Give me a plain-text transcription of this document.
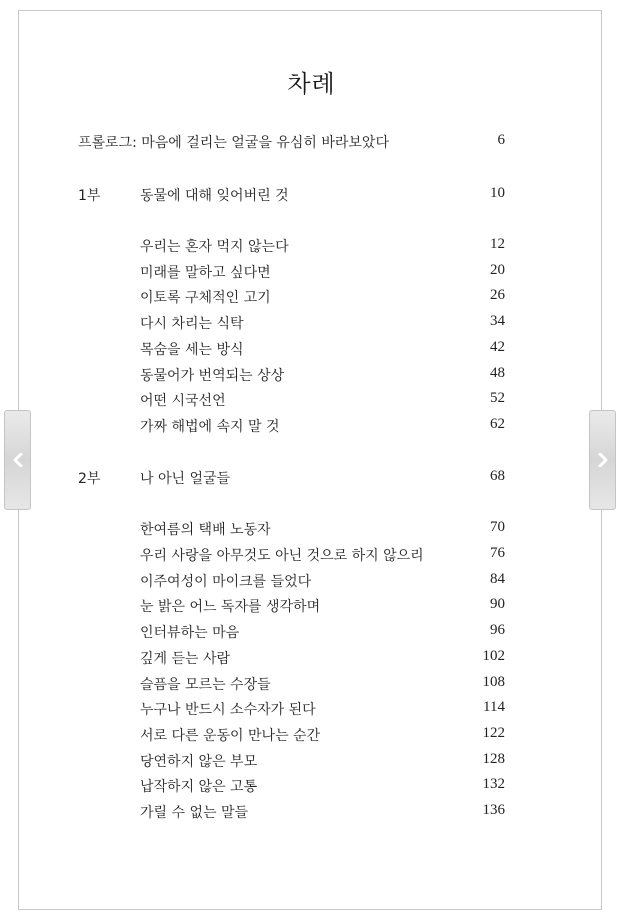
차례
프롤로그: 마음에 걸리는 얼굴을 유심히 바라보았다	6
1부	동물에 대해 잊어버린 것	10
우리는 혼자 먹지 않는다	12
미래를 말하고 싶다면	20
이토록 구체적인 고기	26
다시 차리는 식탁	34
목숨을 세는 방식	42
동물어가 번역되는 상상	48
어떤 시국선언	52
가짜 해법에 속지 말 것	62
2부	나 아닌 얼굴들	68
한여름의 택배 노동자	70
우리 사랑을 아무것도 아닌 것으로 하지 않으리	76
이주여성이 마이크를 들었다	84
눈 밝은 어느 독자를 생각하며	90
인터뷰하는 마음	96
깊게 듣는 사람	102
슬픔을 모르는 수장들	108
누구나 반드시 소수자가 된다	114
서로 다른 운동이 만나는 순간	122
당연하지 않은 부모	128
납작하지 않은 고통	132
가릴 수 없는 말들	136
